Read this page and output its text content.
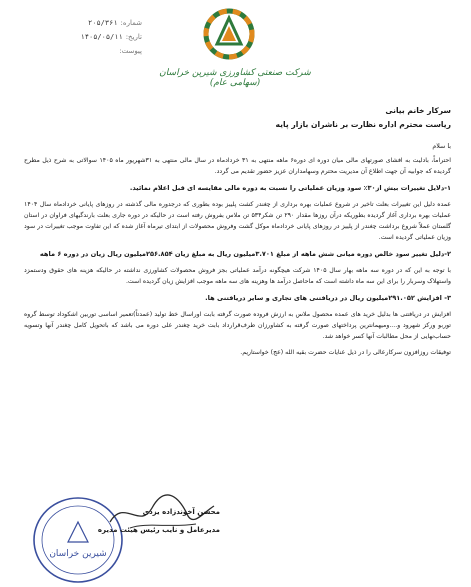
شماره:
۲۰۵/۳۶۱
تاریخ:
۱۴۰۵/۰۵/۱۱
پیوست:
شرکت صنعتی کشاورزی شیرین خراسان (سهامی عام)
سرکار خانم بیانی
ریاست محترم اداره نظارت بر ناشران بازار پایه
با سلام

احتراماً، بادلیت به افشای صورتهای مالی میان دوره ای دوره۶ ماهه منتهی به ۳۱ خردادماه در سال مالی منتهی به ۳۱شهریور ماه ۱۴۰۵ سوالاتی به شرح ذیل مطرح گردیده که جوابیه آن جهت اطلاع آن مدیریت محترم وسهامداران عزیز حضور تقدیم می گردد.

۱-دلایل تغییرات بیش از۳۰٪ سود وزیان عملیاتی را نسبت به دوره مالی مقایسه ای قبل اعلام نمائید.

عمده دلیل این تغییرات بعلت تاخیر در شروع عملیات بهره برداری از چغندر کشت پلییز بوده بطوری که درجدوره مالی گذشته در روزهای پایانی خردادماه سال ۱۴۰۴ عملیات بهره برداری آغاز گردیده بطوریکه درآن روزها مقدار ۲۹۰ تن شکر۵۳۴ تن ملاس بفروش رفته است در حالیکه در دوره جاری بعلت بارندگیهای فراوان در استان گلستان عملاً شروع برداشت چغندر از پلییز در روزهای پایانی خردادماه موکل گشت وفروش محصولات از ابتدای تیرماه آغاز شده که این تفاوت موجب تغییرات در سود وزیان عملیاتی گردیده است.

۲-دلیل تغییر سود خالص دوره میانی شش ماهه از مبلغ ۳.۷۰۱میلیون ریال به مبلغ زیان ۲۵۶.۸۵۴میلیون ریال زیان در دوره ۶ ماهه

با توجه به این که در دوره سه ماهه بهار سال ۱۴۰۵ شرکت هیچگونه درآمد عملیاتی بجز فروش محصولات کشاورزی نداشته در حالیکه هزینه های حقوق ودستمزد واستهلاک وسربار را برای این سه ماه داشته است که ماحاصل درآمد ها وهزینه های سه ماهه موجب افزایش زیان گردیده است.

۳- افزایش ۲۹۱.۰۵۲میلیون ریال در دریافتنی های تجاری و سایر دریافتنی ها.

افزایش در دریافتنی ها بدلیل خرید های عمده محصول ملاس به ارزش فروده صورت گرفته بابت اوراسال خط تولید (عمدتاً)تعمیر اساسی توربین اشکوداد توسط گروه توربو ورکز شهرود و....ومیهمانترین پرداختهای صورت گرفته به کشاورزان طرف‌قرارداد بابت خرید چغندر علی دوره می باشد که باتحویل کامل چغندر آنها وتسویه حساب‌نهایی از محل مطالبات آنها کسر خواهد شد.

توفیقات روزافزون سرکارعالی را در ذیل عنایات حضرت بقیه الله (عج) خواستاریم.

شیرین خراسان
محسن آخوندزاده یزدی
مدیرعامل و نایب رئیس هیئت مدیره
